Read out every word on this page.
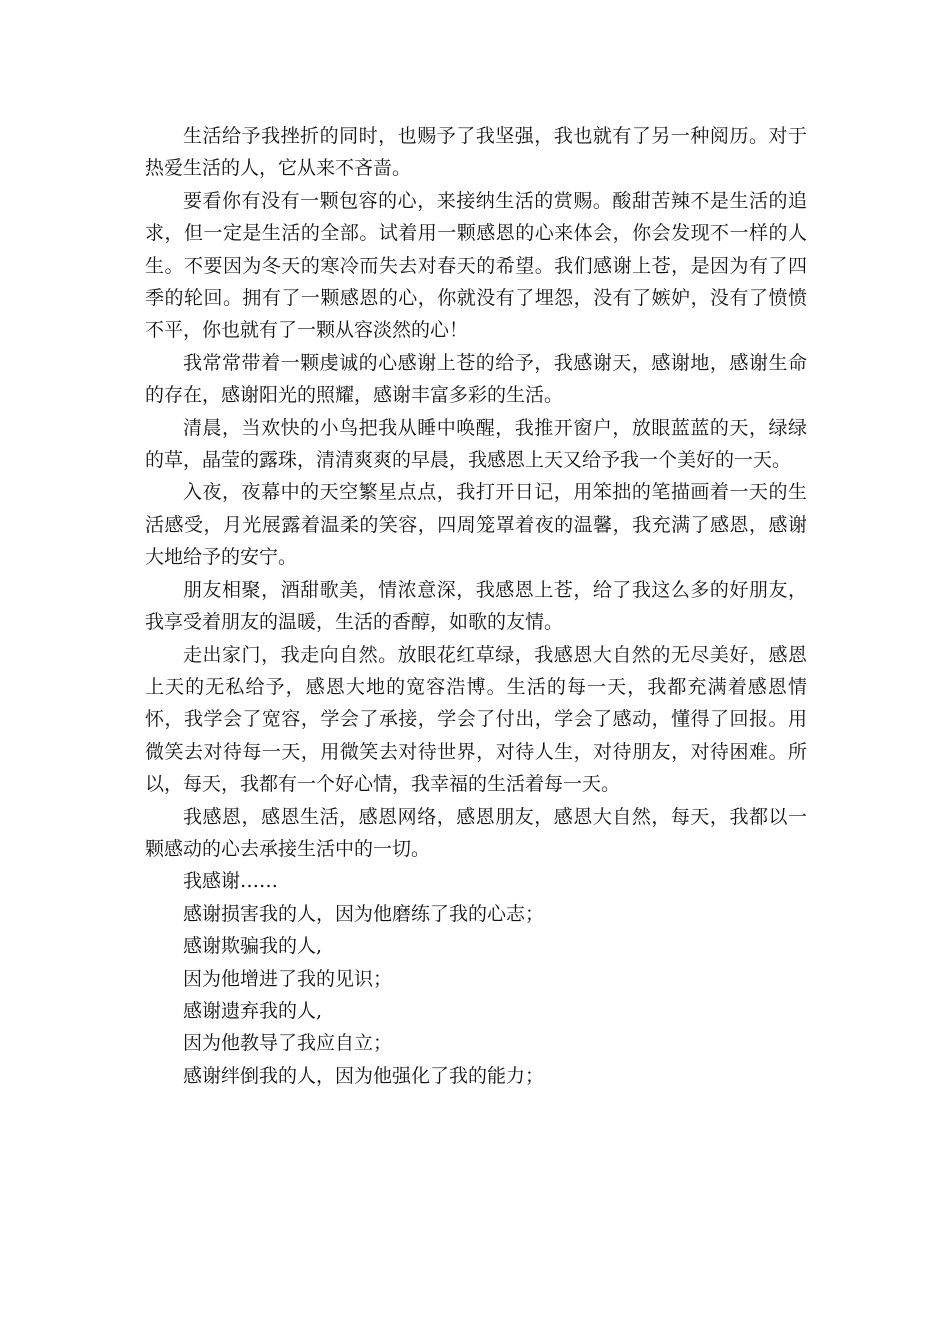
生活给予我挫折的同时，也赐予了我坚强，我也就有了另一种阅历。对于热爱生活的人，它从来不吝啬。

要看你有没有一颗包容的心，来接纳生活的赏赐。酸甜苦辣不是生活的追求，但一定是生活的全部。试着用一颗感恩的心来体会，你会发现不一样的人生。不要因为冬天的寒冷而失去对春天的希望。我们感谢上苍，是因为有了四季的轮回。拥有了一颗感恩的心，你就没有了埋怨，没有了嫉妒，没有了愤愤不平，你也就有了一颗从容淡然的心！

我常常带着一颗虔诚的心感谢上苍的给予，我感谢天，感谢地，感谢生命的存在，感谢阳光的照耀，感谢丰富多彩的生活。

清晨，当欢快的小鸟把我从睡中唤醒，我推开窗户，放眼蓝蓝的天，绿绿的草，晶莹的露珠，清清爽爽的早晨，我感恩上天又给予我一个美好的一天。

入夜，夜幕中的天空繁星点点，我打开日记，用笨拙的笔描画着一天的生活感受，月光展露着温柔的笑容，四周笼罩着夜的温馨，我充满了感恩，感谢大地给予的安宁。

朋友相聚，酒甜歌美，情浓意深，我感恩上苍，给了我这么多的好朋友，我享受着朋友的温暖，生活的香醇，如歌的友情。

走出家门，我走向自然。放眼花红草绿，我感恩大自然的无尽美好，感恩上天的无私给予，感恩大地的宽容浩博。生活的每一天，我都充满着感恩情怀，我学会了宽容，学会了承接，学会了付出，学会了感动，懂得了回报。用微笑去对待每一天，用微笑去对待世界，对待人生，对待朋友，对待困难。所以，每天，我都有一个好心情，我幸福的生活着每一天。

我感恩，感恩生活，感恩网络，感恩朋友，感恩大自然，每天，我都以一颗感动的心去承接生活中的一切。

我感谢……

感谢损害我的人，因为他磨练了我的心志；

感谢欺骗我的人,

因为他增进了我的见识；

感谢遗弃我的人,

因为他教导了我应自立；

感谢绊倒我的人，因为他强化了我的能力；
